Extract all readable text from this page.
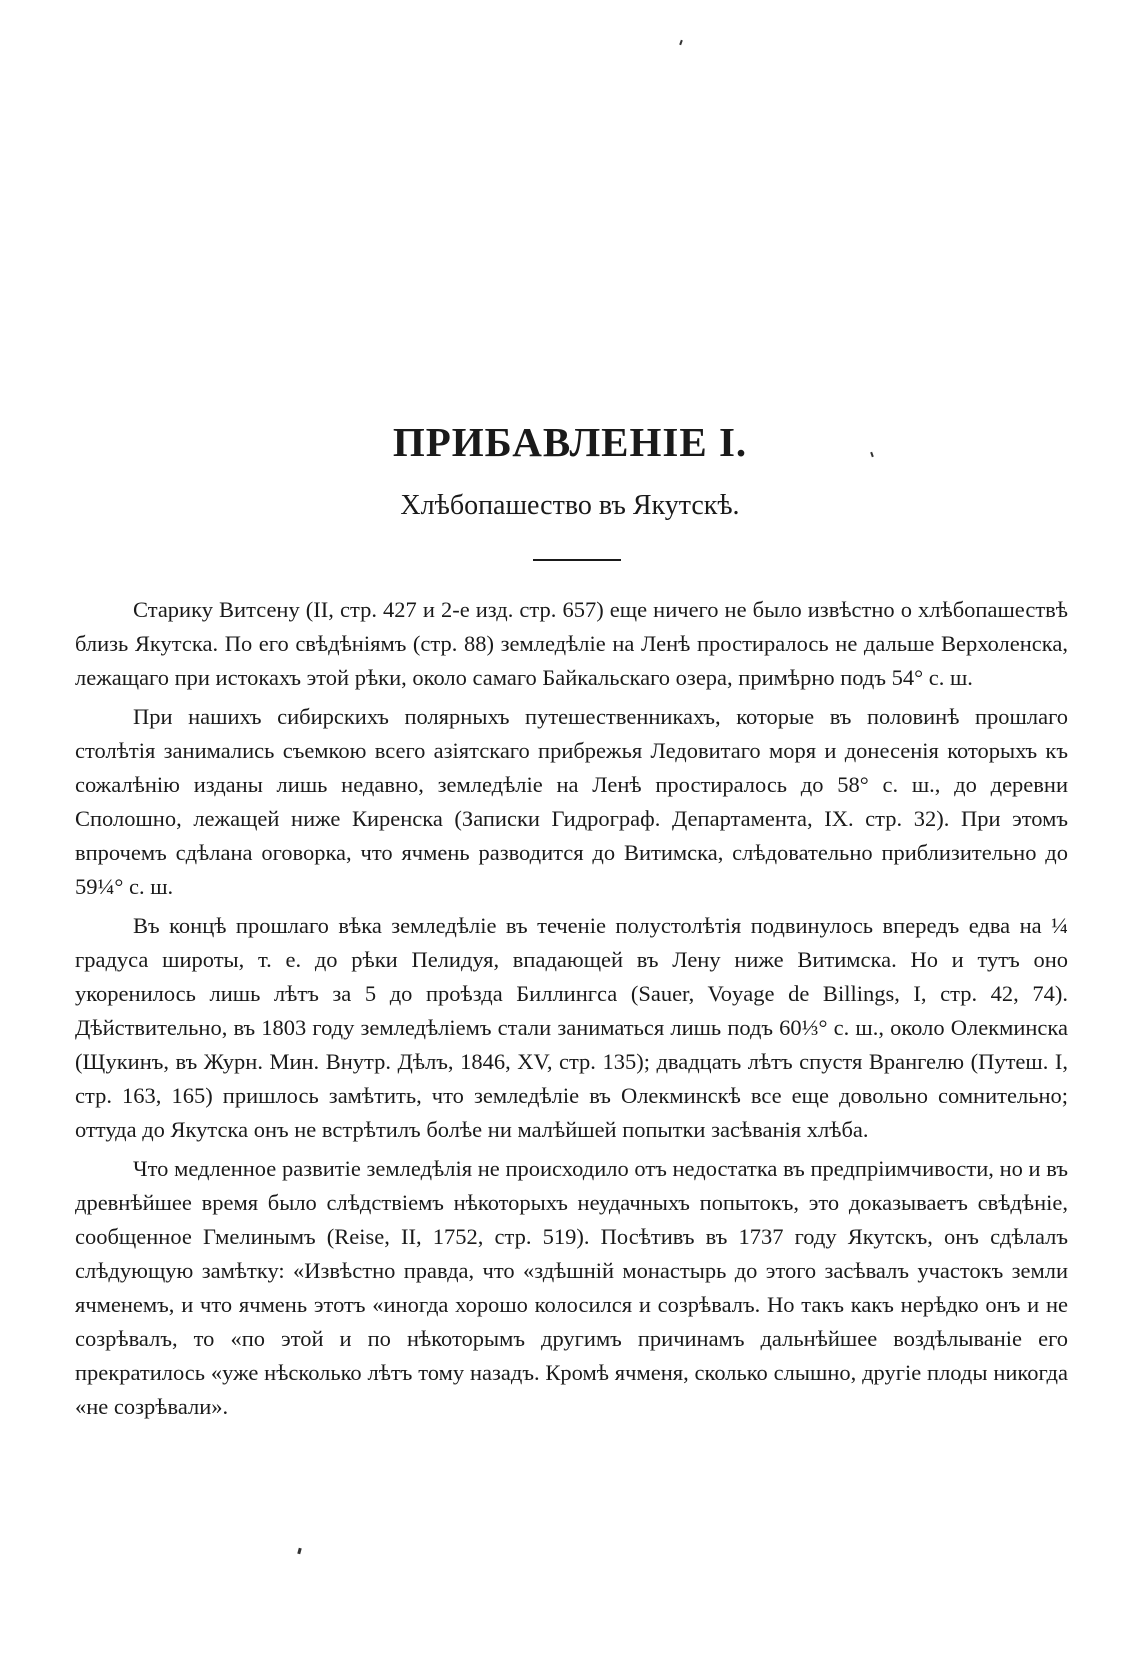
ПРИБАВЛЕНІЕ I.
Хлѣбопашество въ Якутскѣ.

Старику Витсену (II, стр. 427 и 2-е изд. стр. 657) еще ничего не было извѣстно о хлѣбопашествѣ близь Якутска. По его свѣдѣніямъ (стр. 88) земледѣліе на Ленѣ простиралось не дальше Верхоленска, лежащаго при истокахъ этой рѣки, около самаго Байкальскаго озера, примѣрно подъ 54° с. ш.

При нашихъ сибирскихъ полярныхъ путешественникахъ, которые въ половинѣ прошлаго столѣтія занимались съемкою всего азіятскаго прибрежья Ледовитаго моря и донесенія которыхъ къ сожалѣнію изданы лишь недавно, земледѣліе на Ленѣ простиралось до 58° с. ш., до деревни Сполошно, лежащей ниже Киренска (Записки Гидрограф. Департамента, IX. стр. 32). При этомъ впрочемъ сдѣлана оговорка, что ячмень разводится до Витимска, слѣдовательно приблизительно до 59¼° с. ш.

Въ концѣ прошлаго вѣка земледѣліе въ теченіе полустолѣтія подвинулось впередъ едва на ¼ градуса широты, т. е. до рѣки Пелидуя, впадающей въ Лену ниже Витимска. Но и тутъ оно укоренилось лишь лѣтъ за 5 до проѣзда Биллингса (Sauer, Voyage de Billings, I, стр. 42, 74). Дѣйствительно, въ 1803 году земледѣліемъ стали заниматься лишь подъ 60⅓° с. ш., около Олекминска (Щукинъ, въ Журн. Мин. Внутр. Дѣлъ, 1846, XV, стр. 135); двадцать лѣтъ спустя Врангелю (Путеш. I, стр. 163, 165) пришлось замѣтить, что земледѣліе въ Олекминскѣ все еще довольно сомнительно; оттуда до Якутска онъ не встрѣтилъ болѣе ни малѣйшей попытки засѣванія хлѣба.

Что медленное развитіе земледѣлія не происходило отъ недостатка въ предпріимчивости, но и въ древнѣйшее время было слѣдствіемъ нѣкоторыхъ неудачныхъ попытокъ, это доказываетъ свѣдѣніе, сообщенное Гмелинымъ (Reise, II, 1752, стр. 519). Посѣтивъ въ 1737 году Якутскъ, онъ сдѣлалъ слѣдующую замѣтку: «Извѣстно правда, что «здѣшній монастырь до этого засѣвалъ участокъ земли ячменемъ, и что ячмень этотъ «иногда хорошо колосился и созрѣвалъ. Но такъ какъ нерѣдко онъ и не созрѣвалъ, то «по этой и по нѣкоторымъ другимъ причинамъ дальнѣйшее воздѣлываніе его прекратилось «уже нѣсколько лѣтъ тому назадъ. Кромѣ ячменя, сколько слышно, другіе плоды никогда «не созрѣвали».
